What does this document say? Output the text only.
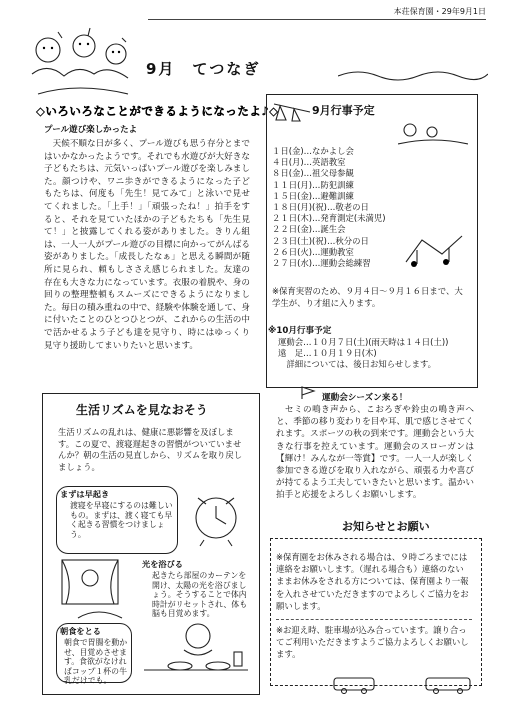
本荘保育園・29年9月1日
9月　てつなぎ
◇いろいろなことができるようになったよ♪◇
プール遊び楽しかったよ
　天候不順な日が多く、プール遊びも思う存分とまではいかなかったようです。それでも水遊びが大好きな子どもたちは、元気いっぱいプール遊びを楽しみました。顔つけや、ワニ歩きができるようになった子どもたちは、何度も「先生！見てみて」と泳いで見せてくれました。「上手！」「頑張ったね！」拍手をすると、それを見ていたほかの子どもたちも「先生見て！」と披露してくれる姿がありました。きりん組は、一人一人がプール遊びの目標に向かってがんばる姿がありました。「成長したなぁ」と思える瞬間が随所に見られ、頼もしささえ感じられました。友達の存在も大きな力になっています。衣服の着脱や、身の回りの整理整頓もスムーズにできるようになりました。毎日の積み重ねの中で、経験や体験を通して、身に付いたことのひとつひとつが、これからの生活の中で活かせるよう子ども達を見守り、時にはゆっくり見守り援助してまいりたいと思います。
9月行事予定
１日(金)…なかよし会
４日(月)…英語教室
８日(金)…祖父母参観
１１日(月)…防犯訓練
１５日(金)…避難訓練
１８日(月)(祝)…敬老の日
２１日(木)…発育測定(未満児)
２２日(金)…誕生会
２３日(土)(祝)…秋分の日
２６日(火)…運動教室
２７日(水)…運動会総練習
※保育実習のため、９月４日〜９月１６日まで、大学生が、り才組に入ります。
※10月行事予定
運動会…１０月７日(土)(雨天時は１４日(土))
遠　足…１０月１９日(木)
　詳細については、後日お知らせします。
生活リズムを見なおそう
生活リズムの乱れは、健康に悪影響を及ぼします。この夏で、渡寝遅起きの習慣がついていませんか？朝の生活の見直しから、リズムを取り戻しましょう。
まずは早起き
渡寝を早寝にするのは難しいもの。まずは、渡く寝ても早く起きる習慣をつけましょう。
光を浴びる
起きたら部屋のカーテンを開け、太陽の光を浴びましょう。そうすることで体内時計がリセットされ、体も脳も目覚めます。
朝食をとる
朝食で胃腸を動かせ、目覚めさせます。食欲がなければコップ１杯の牛乳だけでも。
運動会シーズン来る！
　セミの鳴き声から、こおろぎや鈴虫の鳴き声へと、季節の移り変わりを目や耳、肌で感じさせてくれます。スポーツの秋の到来です。運動会という大きな行事を控えています。運動会のスローガンは【輝け！みんなが一等賞】です。一人一人が楽しく参加できる遊びを取り入れながら、頑張る力や喜びが持てるよう工夫していきたいと思います。温かい拍手と応援をよろしくお願いします。
お知らせとお願い
※保育園をお休みされる場合は、９時ごろまでには連絡をお願いします。（遅れる場合も）連絡のないままお休みをされる方については、保育園より一報を入れさせていただきますのでよろしくご協力をお願いします。
※お迎え時、駐車場が込み合っています。譲り合ってご利用いただきますようご協力よろしくお願いします。
